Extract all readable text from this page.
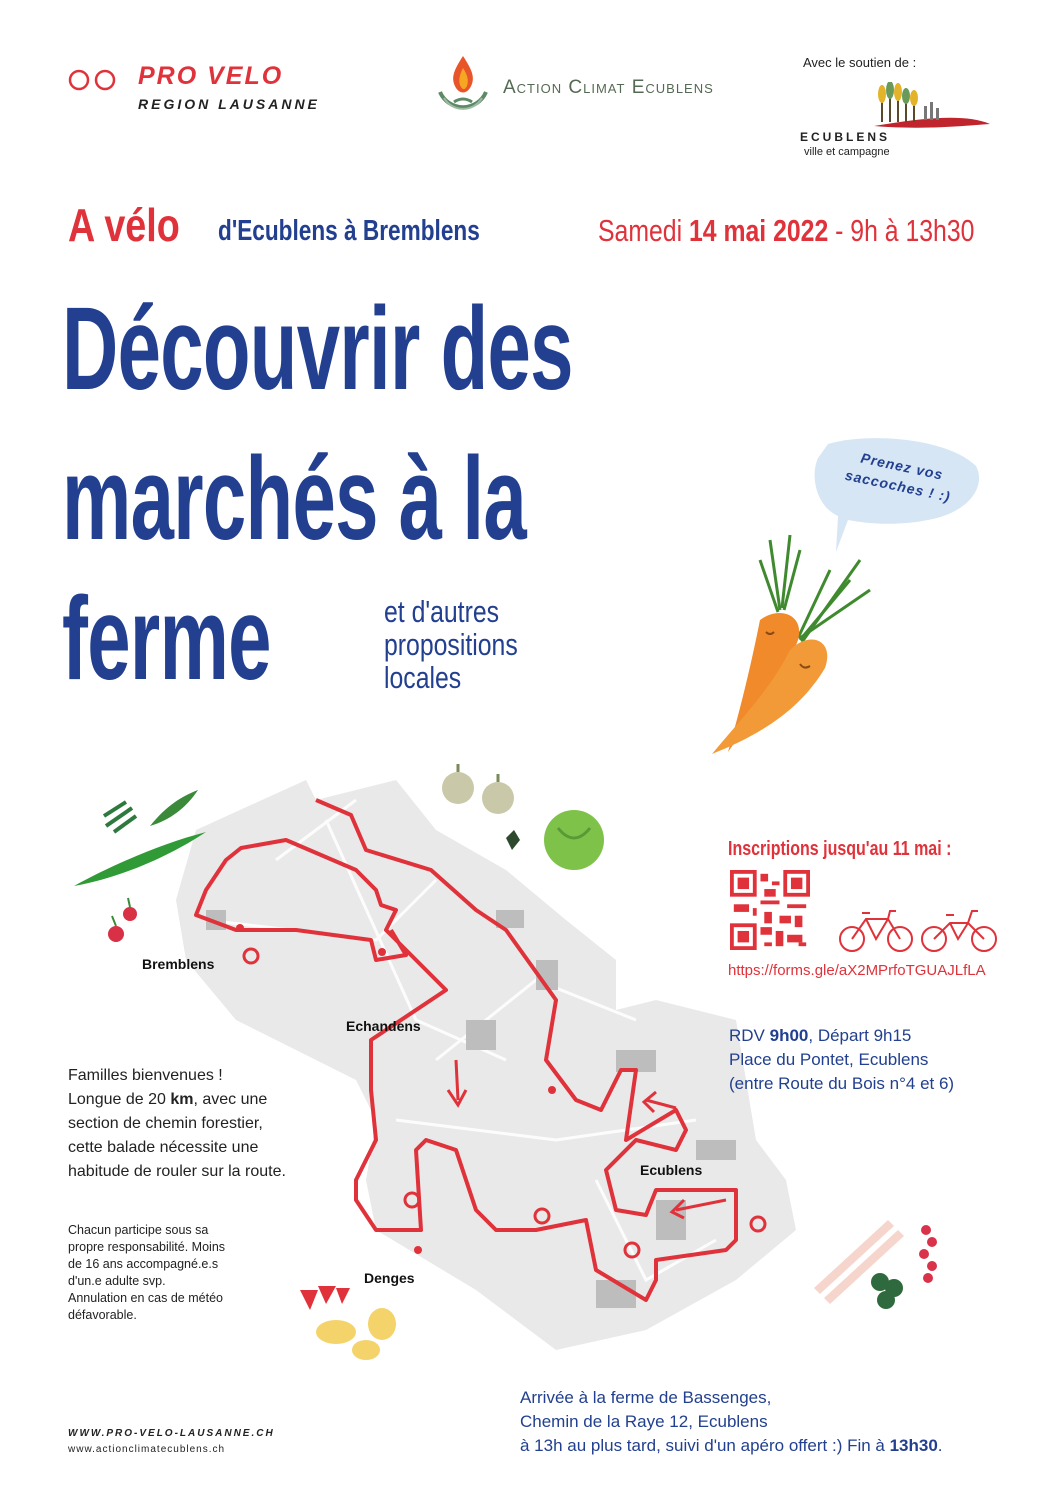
PRO VELO
REGION LAUSANNE
Action Climat Ecublens
Avec le soutien de :
ECUBLENS
ville et campagne
A vélo d'Ecublens à Bremblens	Samedi 14 mai 2022 - 9h à 13h30
Découvrir des
marchés à la
ferme	et d'autres
propositions
locales
Prenez vos saccoches ! :)
Bremblens
Echandens
Ecublens
Denges
Inscriptions jusqu'au 11 mai :
https://forms.gle/aX2MPrfoTGUAJLfLA
RDV 9h00, Départ 9h15
Place du Pontet, Ecublens
(entre Route du Bois n°4 et 6)
Familles bienvenues !
Longue de 20 km, avec une
section de chemin forestier,
cette balade nécessite une
habitude de rouler sur la route.
Chacun participe sous sa
propre responsabilité. Moins
de 16 ans accompagné.e.s
d'un.e adulte svp.
Annulation en cas de météo
défavorable.
Arrivée à la ferme de Bassenges,
Chemin de la Raye 12, Ecublens
à 13h au plus tard, suivi d'un apéro offert :) Fin à 13h30.
WWW.PRO-VELO-LAUSANNE.CH
www.actionclimatecublens.ch
